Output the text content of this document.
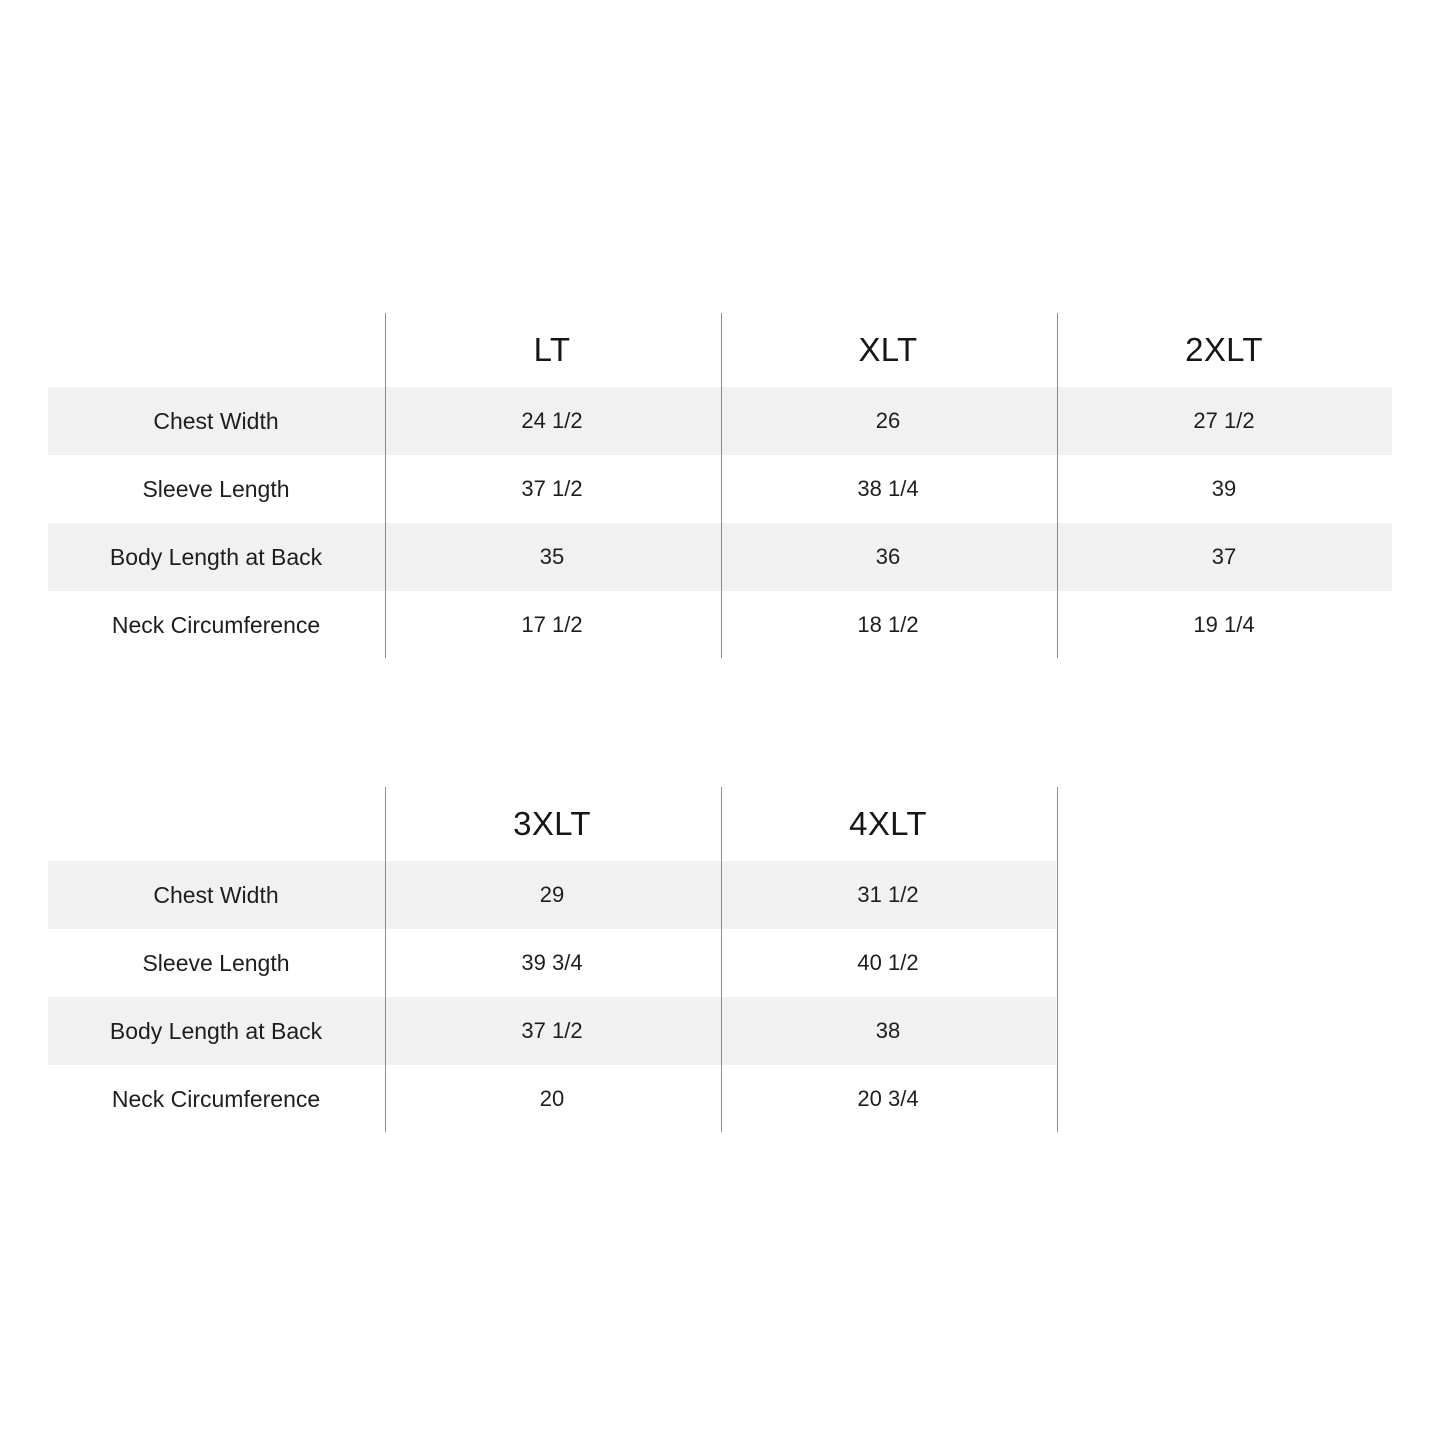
	LT	XLT	2XLT
Chest Width	24 1/2	26	27 1/2
Sleeve Length	37 1/2	38 1/4	39
Body Length at Back	35	36	37
Neck Circumference	17 1/2	18 1/2	19 1/4
	3XLT	4XLT
Chest Width	29	31 1/2
Sleeve Length	39 3/4	40 1/2
Body Length at Back	37 1/2	38
Neck Circumference	20	20 3/4
